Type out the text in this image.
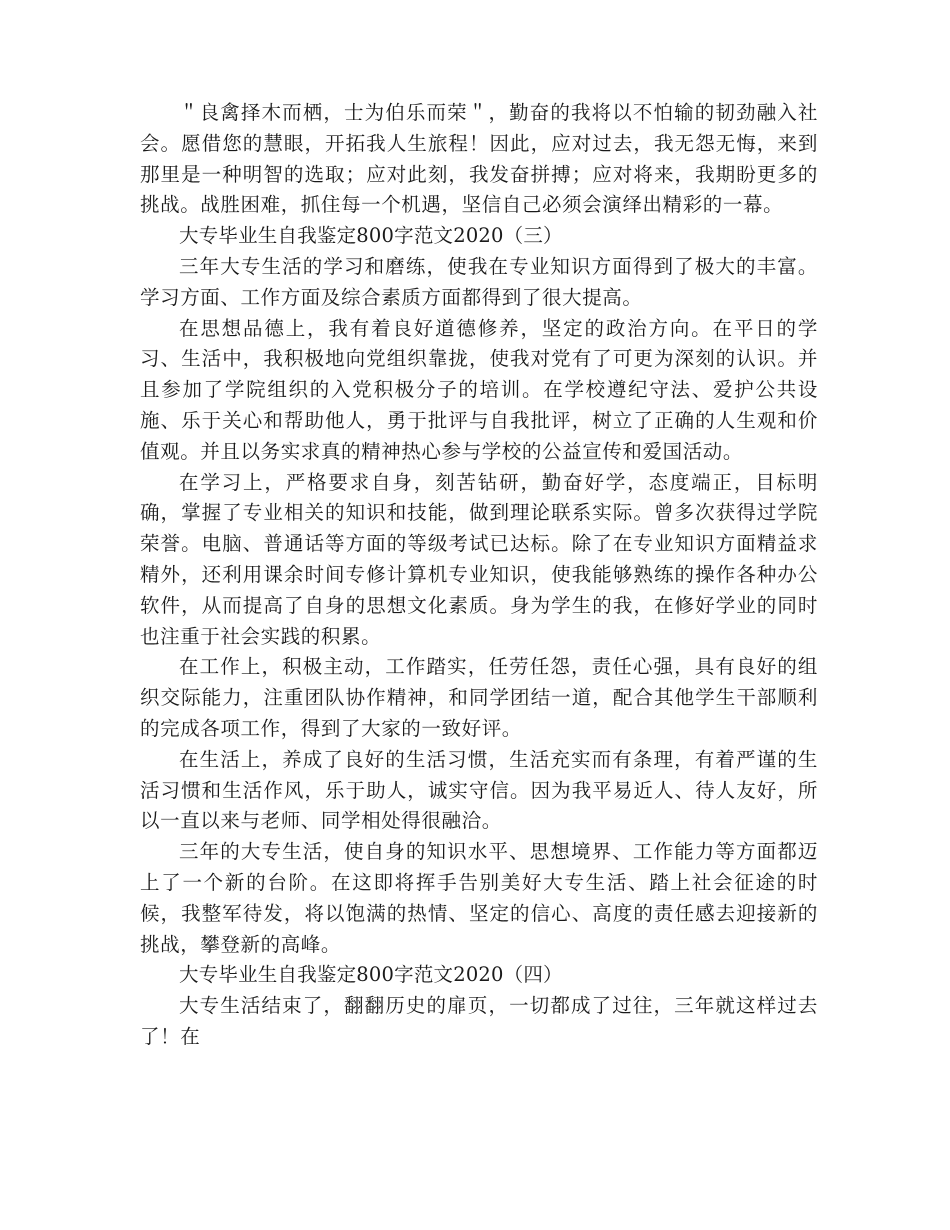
＂良禽择木而栖，士为伯乐而荣＂，勤奋的我将以不怕输的韧劲融入社会。愿借您的慧眼，开拓我人生旅程！因此，应对过去，我无怨无悔，来到那里是一种明智的选取；应对此刻，我发奋拼搏；应对将来，我期盼更多的挑战。战胜困难，抓住每一个机遇，坚信自己必须会演绎出精彩的一幕。

大专毕业生自我鉴定800字范文2020（三）

三年大专生活的学习和磨练，使我在专业知识方面得到了极大的丰富。学习方面、工作方面及综合素质方面都得到了很大提高。

在思想品德上，我有着良好道德修养，坚定的政治方向。在平日的学习、生活中，我积极地向党组织靠拢，使我对党有了可更为深刻的认识。并且参加了学院组织的入党积极分子的培训。在学校遵纪守法、爱护公共设施、乐于关心和帮助他人，勇于批评与自我批评，树立了正确的人生观和价值观。并且以务实求真的精神热心参与学校的公益宣传和爱国活动。

在学习上，严格要求自身，刻苦钻研，勤奋好学，态度端正，目标明确，掌握了专业相关的知识和技能，做到理论联系实际。曾多次获得过学院荣誉。电脑、普通话等方面的等级考试已达标。除了在专业知识方面精益求精外，还利用课余时间专修计算机专业知识，使我能够熟练的操作各种办公软件，从而提高了自身的思想文化素质。身为学生的我，在修好学业的同时也注重于社会实践的积累。

在工作上，积极主动，工作踏实，任劳任怨，责任心强，具有良好的组织交际能力，注重团队协作精神，和同学团结一道，配合其他学生干部顺利的完成各项工作，得到了大家的一致好评。

在生活上，养成了良好的生活习惯，生活充实而有条理，有着严谨的生活习惯和生活作风，乐于助人，诚实守信。因为我平易近人、待人友好，所以一直以来与老师、同学相处得很融洽。

三年的大专生活，使自身的知识水平、思想境界、工作能力等方面都迈上了一个新的台阶。在这即将挥手告别美好大专生活、踏上社会征途的时候，我整军待发，将以饱满的热情、坚定的信心、高度的责任感去迎接新的挑战，攀登新的高峰。

大专毕业生自我鉴定800字范文2020（四）

大专生活结束了，翻翻历史的扉页，一切都成了过往，三年就这样过去了！在
